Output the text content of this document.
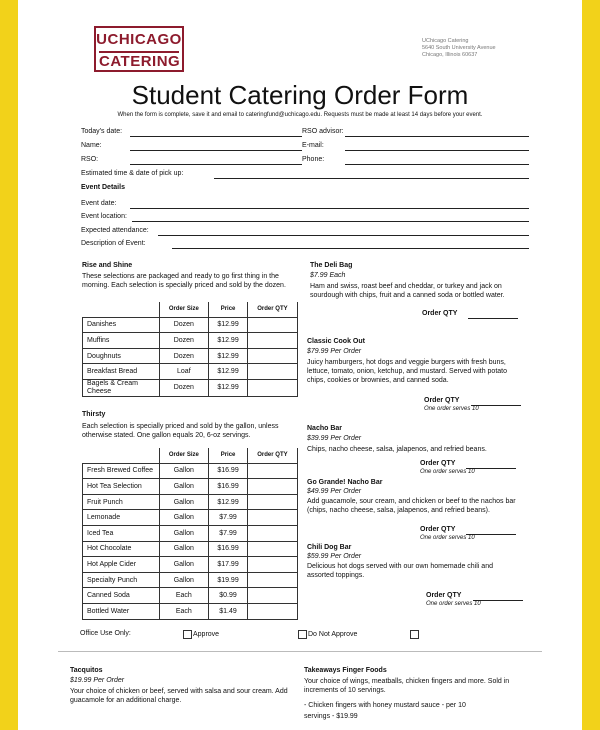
UCHICAGO
CATERING
UChicago Catering
5640 South University Avenue
Chicago, Illinois 60637
Student Catering Order Form
When the form is complete, save it and email to cateringfund@uchicago.edu. Requests must be made at least 14 days before your event.
Today's date:	RSO advisor:
Name:	E-mail:
RSO:	Phone:
Estimated time & date of pick up:
Event Details
Event date:
Event location:
Expected attendance:
Description of Event:
Rise and Shine
These selections are packaged and ready to go first thing in the
morning. Each selection is specially priced and sold by the dozen.
	Order Size	Price	Order QTY
Danishes	Dozen	$12.99	
Muffins	Dozen	$12.99	
Doughnuts	Dozen	$12.99	
Breakfast Bread	Loaf	$12.99	
Bagels & Cream Cheese	Dozen	$12.99	
Thirsty
Each selection is specially priced and sold by the gallon, unless
otherwise stated. One gallon equals 20, 6-oz servings.
	Order Size	Price	Order QTY
Fresh Brewed Coffee	Gallon	$16.99	
Hot Tea Selection	Gallon	$16.99	
Fruit Punch	Gallon	$12.99	
Lemonade	Gallon	$7.99	
Iced Tea	Gallon	$7.99	
Hot Chocolate	Gallon	$16.99	
Hot Apple Cider	Gallon	$17.99	
Specialty Punch	Gallon	$19.99	
Canned Soda	Each	$0.99	
Bottled Water	Each	$1.49	
The Deli Bag
$7.99 Each
Ham and swiss, roast beef and cheddar, or turkey and jack on
sourdough with chips, fruit and a canned soda or bottled water.
Order QTY
Classic Cook Out
$79.99 Per Order
Juicy hamburgers, hot dogs and veggie burgers with fresh buns,
lettuce, tomato, onion, ketchup, and mustard. Served with potato
chips, cookies or brownies, and canned soda.
Order QTY
One order serves 10
Nacho Bar
$39.99 Per Order
Chips, nacho cheese, salsa, jalapenos, and refried beans.
Order QTY
One order serves 10
Go Grande! Nacho Bar
$49.99 Per Order
Add guacamole, sour cream, and chicken or beef to the nachos bar
(chips, nacho cheese, salsa, jalapenos, and refried beans).
Order QTY
One order serves 10
Chili Dog Bar
$59.99 Per Order
Delicious hot dogs served with our own homemade chili and
assorted toppings.
Order QTY
One order serves 10
Office Use Only:	Approve	Do Not Approve
Tacquitos
$19.99 Per Order
Your choice of chicken or beef, served with salsa and sour cream. Add
guacamole for an additional charge.
Takeaways Finger Foods
Your choice of wings, meatballs, chicken fingers and more. Sold in
increments of 10 servings.
- Chicken fingers with honey mustard sauce - per 10
servings - $19.99
